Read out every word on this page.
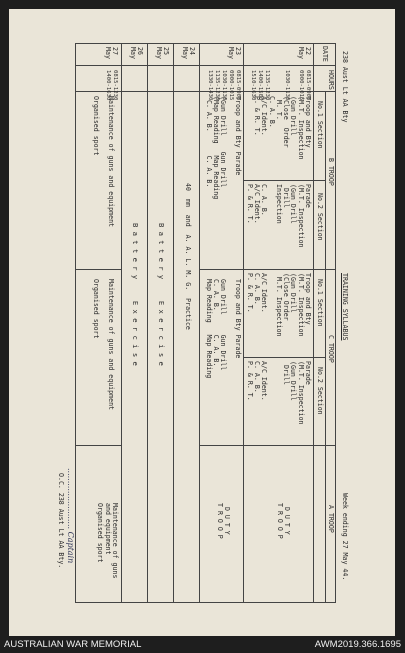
238 Aust Lt AA Bty
TRAINING SYLLABUS
Week ending 27 May 44.
DATE
HOURS
B TROOP
C TROOP
A TROOP
No.1 Section
No.2 Section
No.1 Section
No.2 Section
22
May
0815-0900
0900-1015

1030-1130

1135-1230
1400-1500
1510-1630
Troop and Bty
(M.T. Inspection
(Gun Drill
(Close  Order
M. T.
C. A. B.
A/C Ident.
P. & R. T.
Parade
(M.T. Inspection
(Gun Drill
Drill
Inspection

C. A. B.
A/C Ident.
P. & R. T.
Troop and Bty
(M.T. Inspection
(Gun Drill
(Close Order
M.T. Inspection

A/C Ident.
C. A. B.
P. & R. T.
Parade
(M.T. Inspection
(Gun Drill
Drill

A/C Ident.
C. A. B.
P. & R. T.
D U T Y
T R O O P
23
May
0815-0900
0900-1015
1030-1130
1135-1230
1330-1430
Troop and Bty Parade

(Gun Drill    Gun Drill
(Map Reading   Map Reading
C. A. B.      C. A. B.
Troop and Bty Parade

Gun Drill     Gun Drill
C. A. B.      C. A. B.
Map Reading   Map Reading
D U T Y
T R O O P
24
May
40  mm  and  A. A. L. M. G.  Practice
25
May
B a t t e r y     E x e r c i s e
26
May
B a t t e r y     E x e r c i s e
27
May
0815-1230
1400-1630
Maintenance of guns and equipment

Organised sport
Maintenance of guns and equipment

Organised sport
Maintenance of guns
and equipment
Organised sport
........................ Captain
O.C. 238 Aust Lt AA Bty.
AUSTRALIAN WAR MEMORIAL	AWM2019.366.1695
